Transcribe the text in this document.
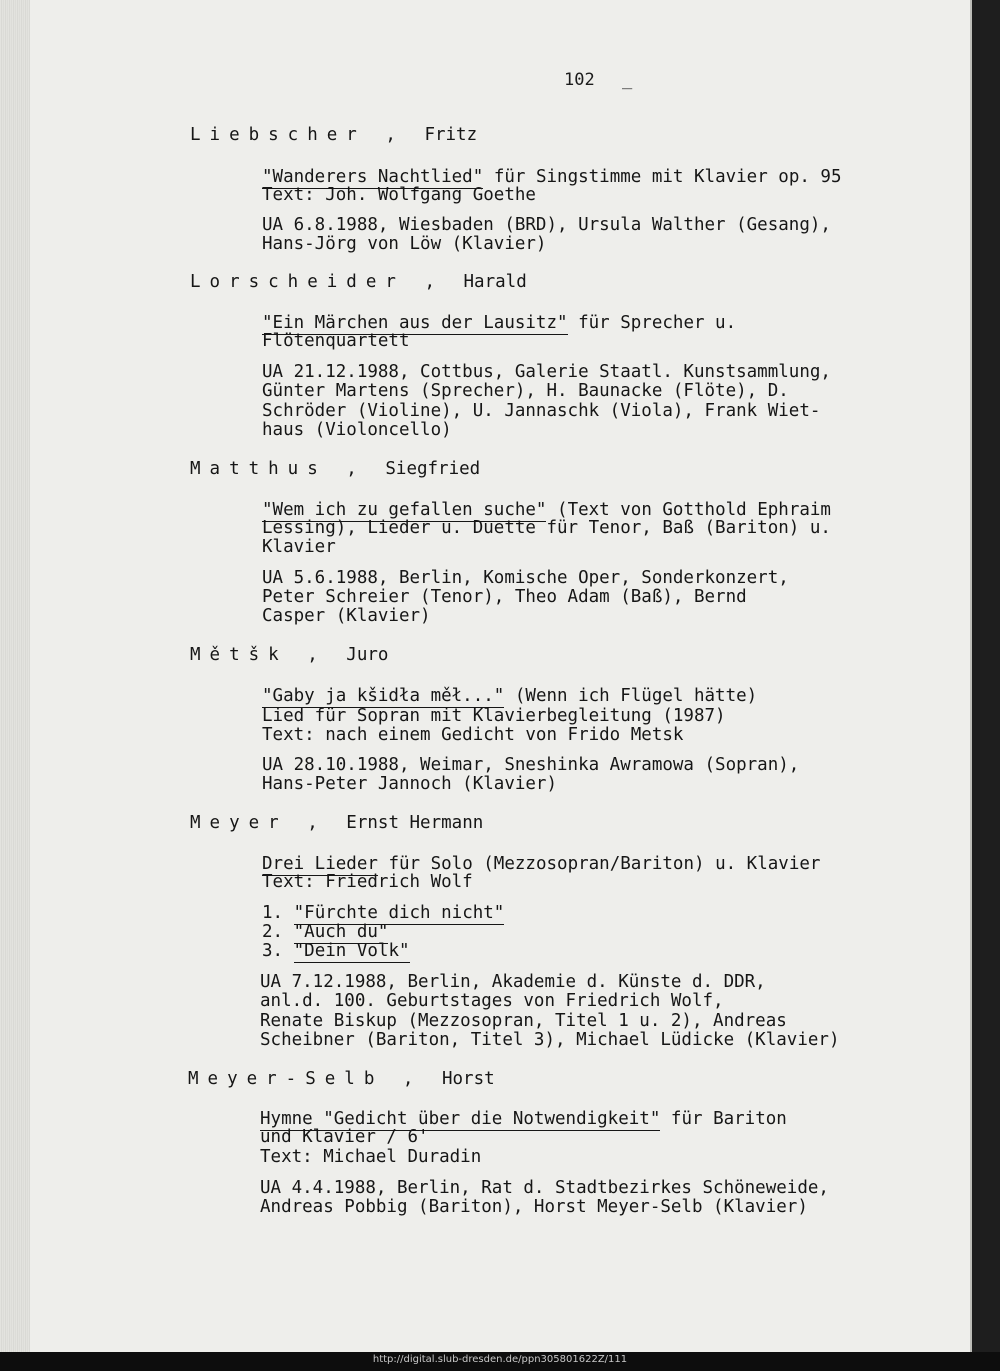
102 _
Liebscher , Fritz
"Wanderers Nachtlied" für Singstimme mit Klavier op. 95
Text: Joh. Wolfgang Goethe
UA 6.8.1988, Wiesbaden (BRD), Ursula Walther (Gesang),
Hans-Jörg von Löw (Klavier)
Lorscheider , Harald
"Ein Märchen aus der Lausitz" für Sprecher u.
Flötenquartett
UA 21.12.1988, Cottbus, Galerie Staatl. Kunstsammlung,
Günter Martens (Sprecher), H. Baunacke (Flöte), D.
Schröder (Violine), U. Jannaschk (Viola), Frank Wiet-
haus (Violoncello)
Matthus , Siegfried
"Wem ich zu gefallen suche" (Text von Gotthold Ephraim
Lessing), Lieder u. Duette für Tenor, Baß (Bariton) u.
Klavier
UA 5.6.1988, Berlin, Komische Oper, Sonderkonzert,
Peter Schreier (Tenor), Theo Adam (Baß), Bernd
Casper (Klavier)
Mětšk , Juro
"Gaby ja kšidła měł..." (Wenn ich Flügel hätte)
Lied für Sopran mit Klavierbegleitung (1987)
Text: nach einem Gedicht von Frido Metsk
UA 28.10.1988, Weimar, Sneshinka Awramowa (Sopran),
Hans-Peter Jannoch (Klavier)
Meyer , Ernst Hermann
Drei Lieder für Solo (Mezzosopran/Bariton) u. Klavier
Text: Friedrich Wolf
1. "Fürchte dich nicht"
2. "Auch du"
3. "Dein Volk"
UA 7.12.1988, Berlin, Akademie d. Künste d. DDR,
anl.d. 100. Geburtstages von Friedrich Wolf,
Renate Biskup (Mezzosopran, Titel 1 u. 2), Andreas
Scheibner (Bariton, Titel 3), Michael Lüdicke (Klavier)
Meyer-Selb , Horst
Hymne "Gedicht über die Notwendigkeit" für Bariton
und Klavier / 6'
Text: Michael Duradin
UA 4.4.1988, Berlin, Rat d. Stadtbezirkes Schöneweide,
Andreas Pobbig (Bariton), Horst Meyer-Selb (Klavier)
http://digital.slub-dresden.de/ppn305801622Z/111
